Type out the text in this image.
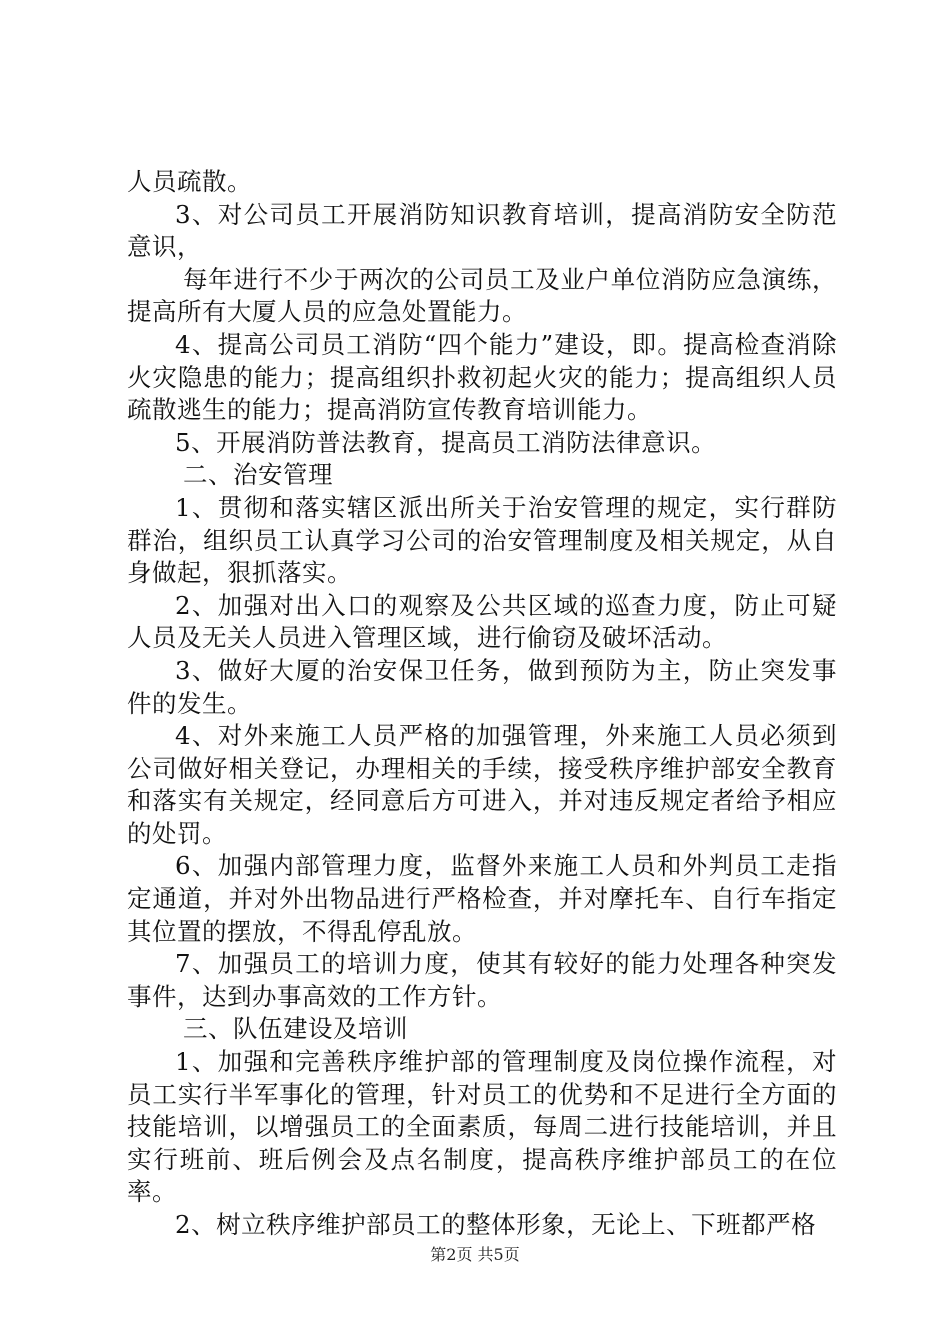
人员疏散。

3、对公司员工开展消防知识教育培训，提高消防安全防范意识，

每年进行不少于两次的公司员工及业户单位消防应急演练，提高所有大厦人员的应急处置能力。

4、提高公司员工消防“四个能力”建设，即。提高检查消除火灾隐患的能力；提高组织扑救初起火灾的能力；提高组织人员疏散逃生的能力；提高消防宣传教育培训能力。

5、开展消防普法教育，提高员工消防法律意识。

二、治安管理

1、贯彻和落实辖区派出所关于治安管理的规定，实行群防群治，组织员工认真学习公司的治安管理制度及相关规定，从自身做起，狠抓落实。

2、加强对出入口的观察及公共区域的巡查力度，防止可疑人员及无关人员进入管理区域，进行偷窃及破坏活动。

3、做好大厦的治安保卫任务，做到预防为主，防止突发事件的发生。

4、对外来施工人员严格的加强管理，外来施工人员必须到公司做好相关登记，办理相关的手续，接受秩序维护部安全教育和落实有关规定，经同意后方可进入，并对违反规定者给予相应的处罚。

6、加强内部管理力度，监督外来施工人员和外判员工走指定通道，并对外出物品进行严格检查，并对摩托车、自行车指定其位置的摆放，不得乱停乱放。

7、加强员工的培训力度，使其有较好的能力处理各种突发事件，达到办事高效的工作方针。

三、队伍建设及培训

1、加强和完善秩序维护部的管理制度及岗位操作流程，对员工实行半军事化的管理，针对员工的优势和不足进行全方面的技能培训，以增强员工的全面素质，每周二进行技能培训，并且实行班前、班后例会及点名制度，提高秩序维护部员工的在位率。

2、树立秩序维护部员工的整体形象，无论上、下班都严格

第2页 共5页
